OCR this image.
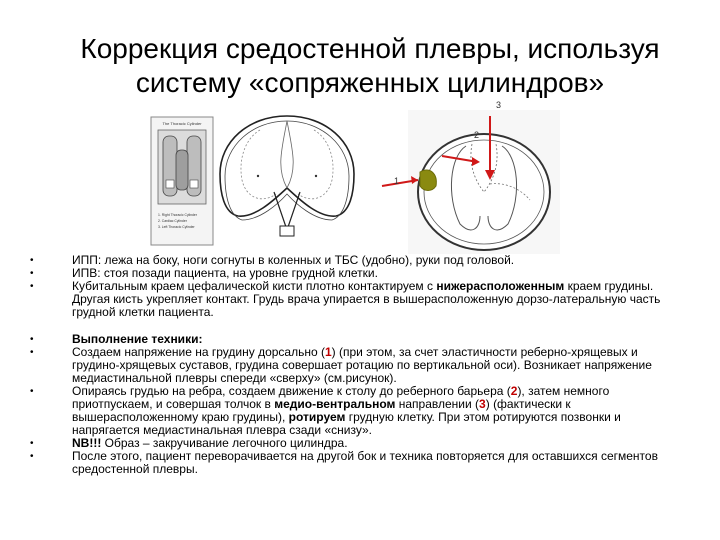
Коррекция средостенной плевры, используя
систему «сопряженных цилиндров»
The Thoracic Cylinder
1. Right Thoracic Cylinder
2. Cardiac Cylinder
3. Left Thoracic Cylinder
1
2
3
•	ИПП: лежа на боку, ноги согнуты в коленных и ТБС (удобно), руки под головой.
•	ИПВ: стоя позади пациента, на уровне грудной клетки.
•	Кубитальным краем цефалической кисти плотно контактируем с нижерасположенным краем грудины. Другая кисть укрепляет контакт. Грудь врача упирается в вышерасположенную дорзо-латеральную часть грудной клетки пациента.
•	Выполнение техники:
•	Создаем напряжение на грудину дорсально (1) (при этом, за счет эластичности реберно-хрящевых и грудино-хрящевых суставов, грудина совершает ротацию по вертикальной оси). Возникает напряжение медиастинальной плевры спереди «сверху» (см.рисунок).
•	Опираясь грудью на ребра, создаем движение к столу до реберного барьера (2), затем немного приотпускаем, и совершая толчок в медио-вентральном направлении (3) (фактически к вышерасположенному краю грудины), ротируем грудную клетку. При этом ротируются позвонки и напрягается медиастинальная плевра сзади «снизу».
•	NB!!! Образ – закручивание легочного цилиндра.
•	После этого, пациент переворачивается на другой бок и техника повторяется для оставшихся сегментов средостенной плевры.
